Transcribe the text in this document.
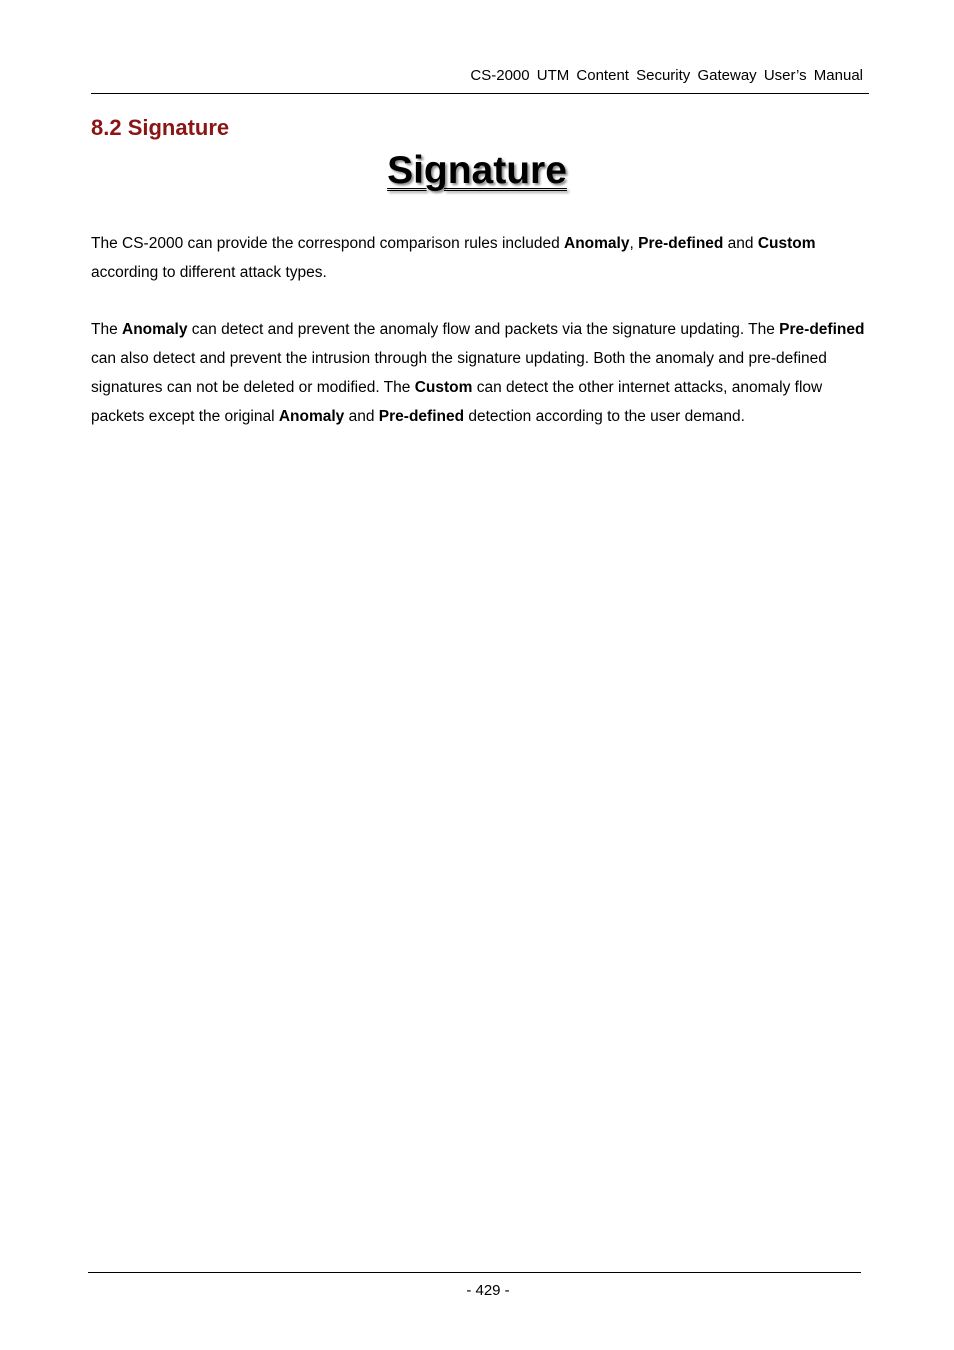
CS-2000 UTM Content Security Gateway User’s Manual
8.2 Signature
Signature

The CS-2000 can provide the correspond comparison rules included Anomaly, Pre-defined and Custom according to different attack types.

The Anomaly can detect and prevent the anomaly flow and packets via the signature updating. The Pre-defined can also detect and prevent the intrusion through the signature updating. Both the anomaly and pre-defined signatures can not be deleted or modified. The Custom can detect the other internet attacks, anomaly flow packets except the original Anomaly and Pre-defined detection according to the user demand.

- 429 -
